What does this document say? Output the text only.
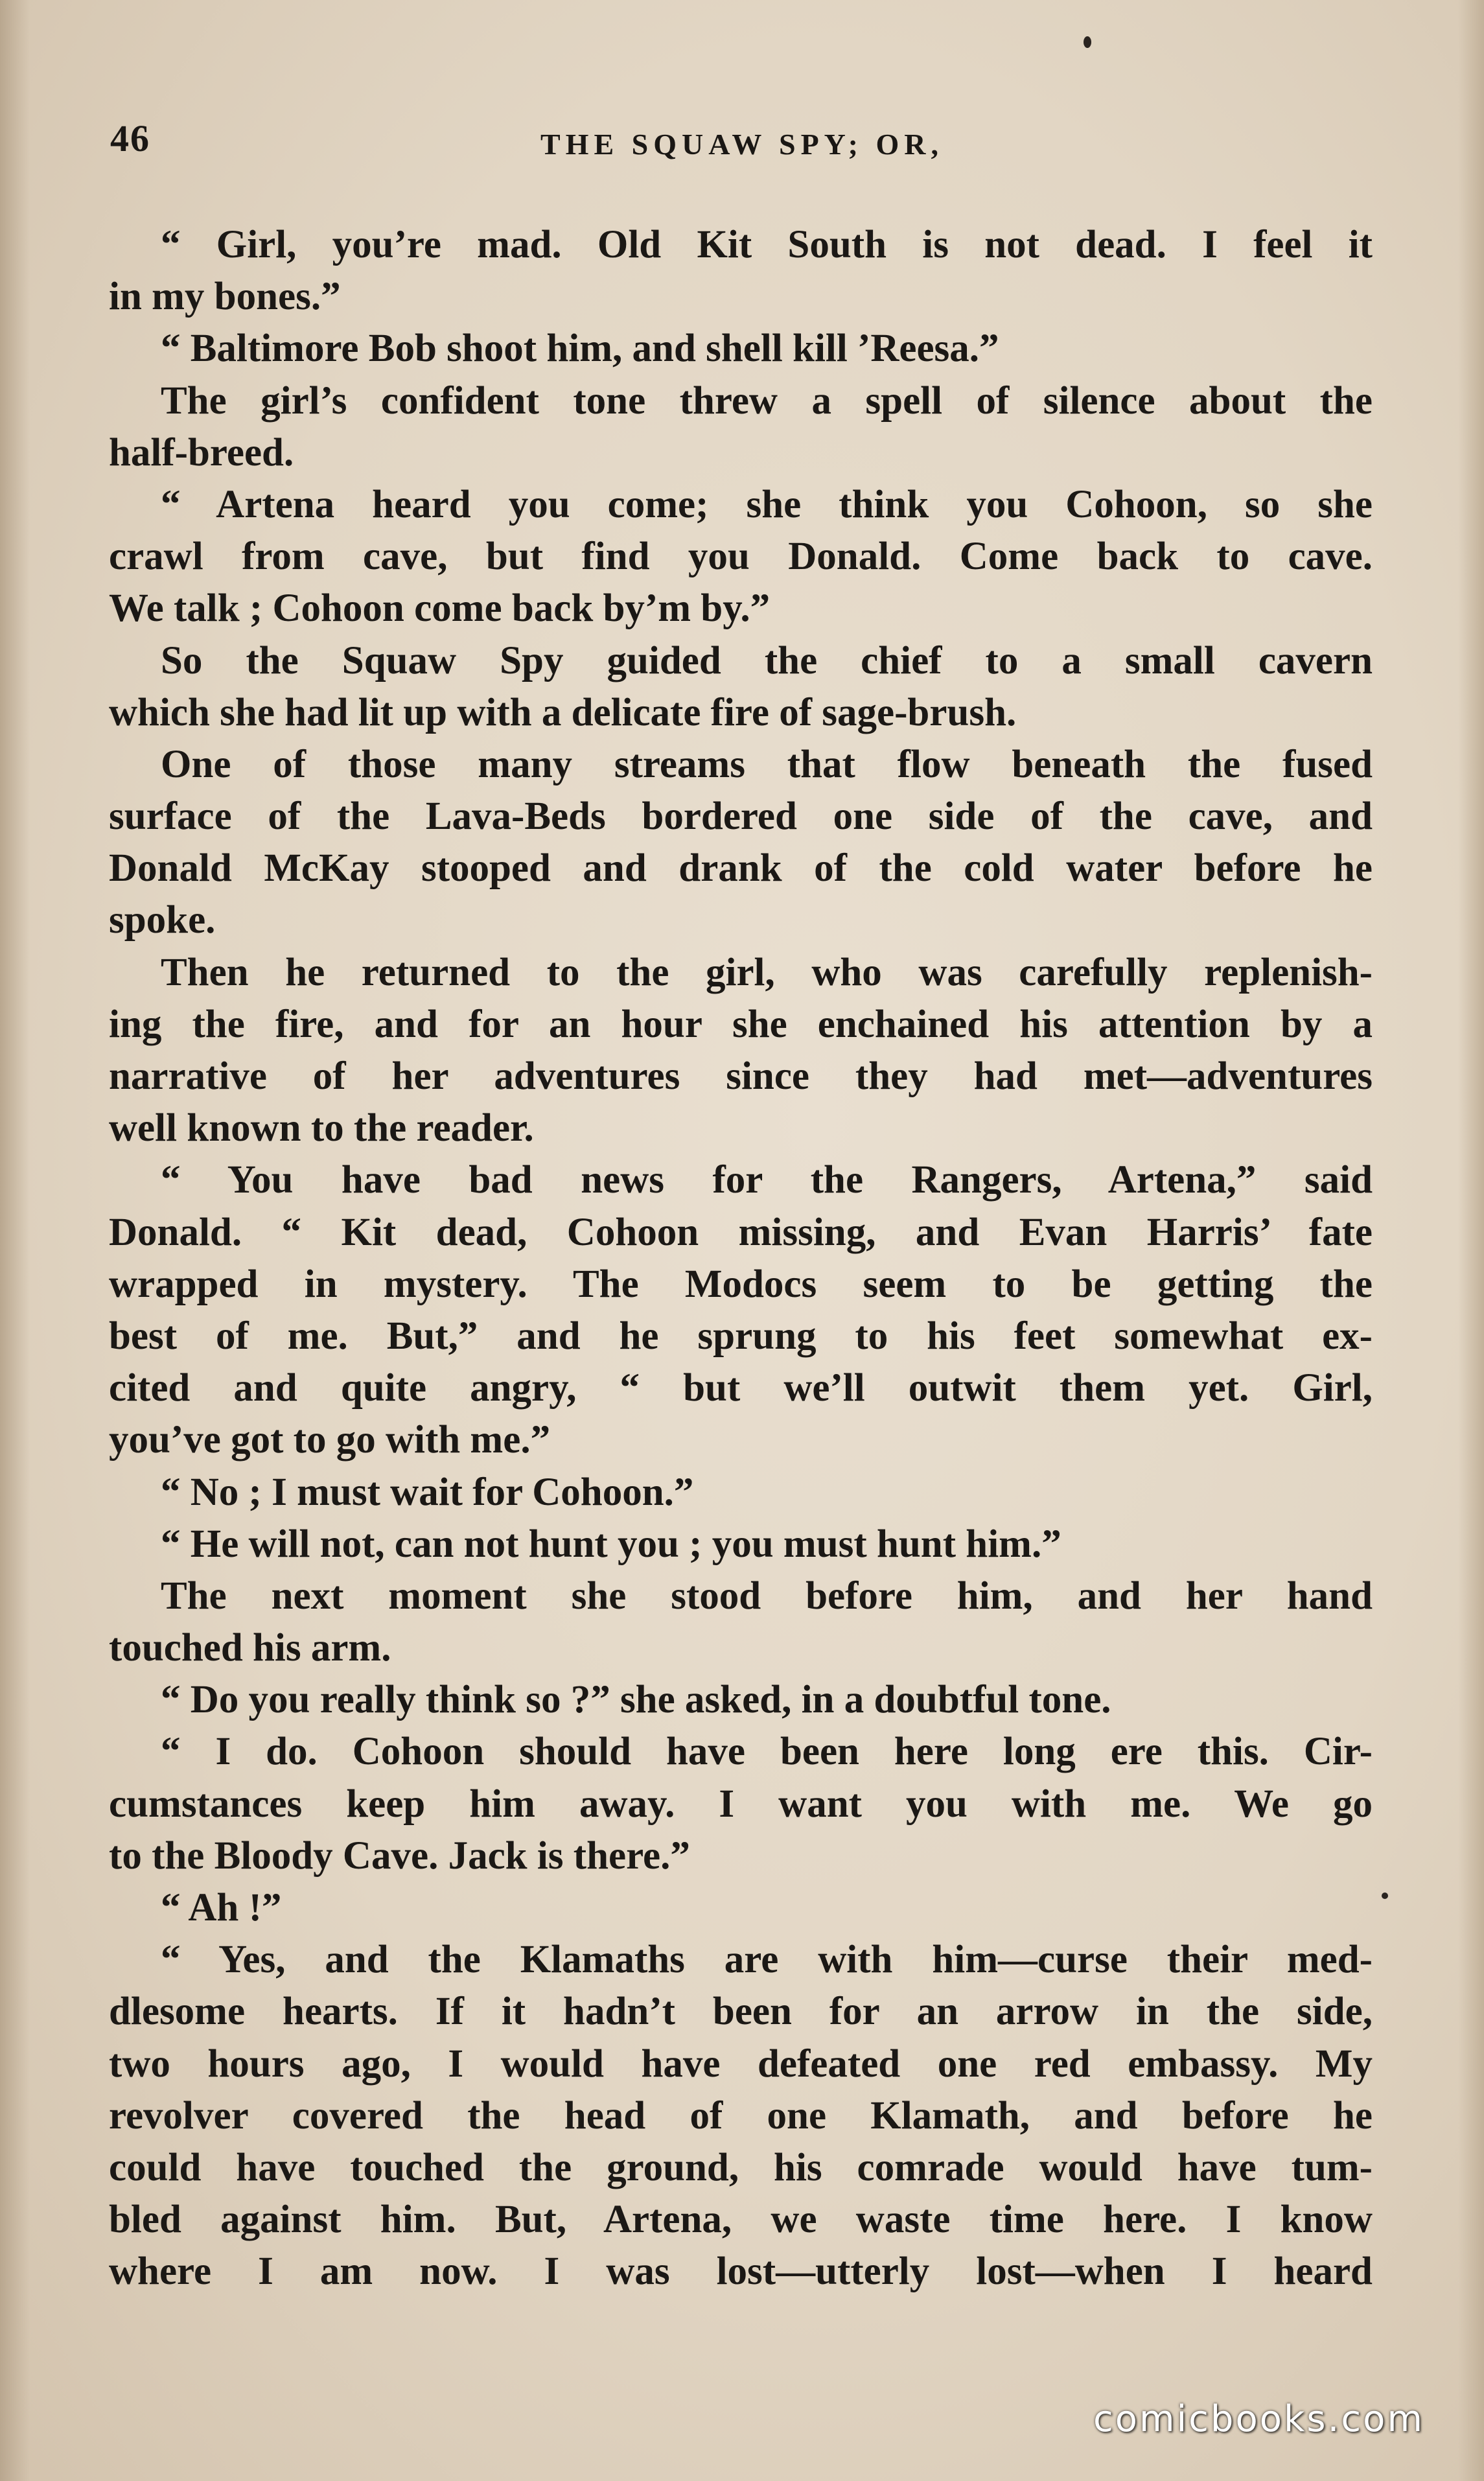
46	THE SQUAW SPY; OR,
“ Girl, you’re mad. Old Kit South is not dead. I feel it
in my bones.”
“ Baltimore Bob shoot him, and shell kill ’Reesa.”
The girl’s confident tone threw a spell of silence about the
half-breed.
“ Artena heard you come; she think you Cohoon, so she
crawl from cave, but find you Donald. Come back to cave.
We talk ; Cohoon come back by’m by.”
So the Squaw Spy guided the chief to a small cavern
which she had lit up with a delicate fire of sage-brush.
One of those many streams that flow beneath the fused
surface of the Lava-Beds bordered one side of the cave, and
Donald McKay stooped and drank of the cold water before he
spoke.
Then he returned to the girl, who was carefully replenish-
ing the fire, and for an hour she enchained his attention by a
narrative of her adventures since they had met—adventures
well known to the reader.
“ You have bad news for the Rangers, Artena,” said
Donald. “ Kit dead, Cohoon missing, and Evan Harris’ fate
wrapped in mystery. The Modocs seem to be getting the
best of me. But,” and he sprung to his feet somewhat ex-
cited and quite angry, “ but we’ll outwit them yet. Girl,
you’ve got to go with me.”
“ No ; I must wait for Cohoon.”
“ He will not, can not hunt you ; you must hunt him.”
The next moment she stood before him, and her hand
touched his arm.
“ Do you really think so ?” she asked, in a doubtful tone.
“ I do. Cohoon should have been here long ere this. Cir-
cumstances keep him away. I want you with me. We go
to the Bloody Cave. Jack is there.”
“ Ah !”
“ Yes, and the Klamaths are with him—curse their med-
dlesome hearts. If it hadn’t been for an arrow in the side,
two hours ago, I would have defeated one red embassy. My
revolver covered the head of one Klamath, and before he
could have touched the ground, his comrade would have tum-
bled against him. But, Artena, we waste time here. I know
where I am now. I was lost—utterly lost—when I heard
comicbooks.com
